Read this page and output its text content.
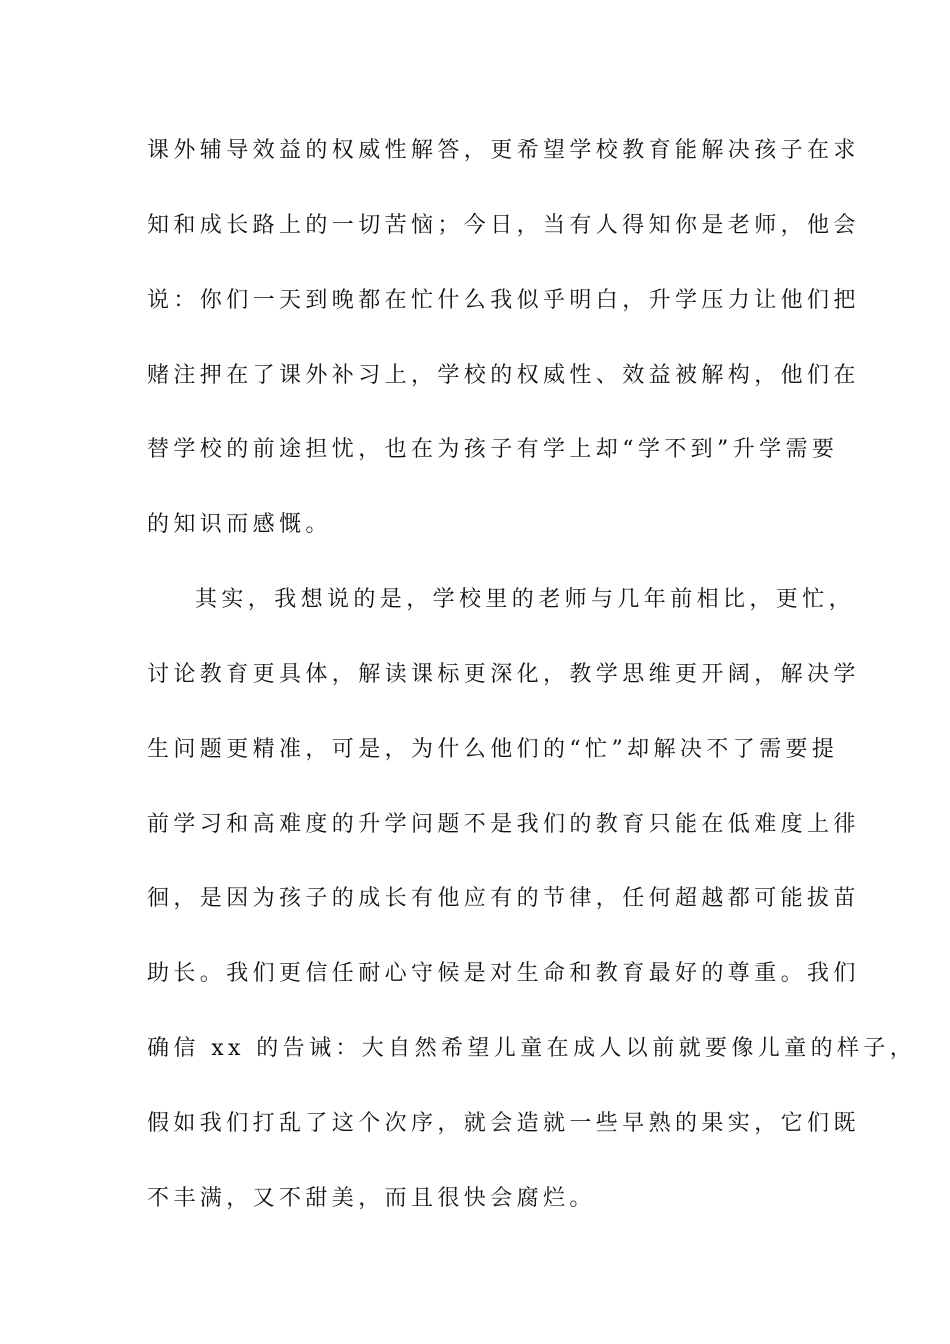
课外辅导效益的权威性解答，更希望学校教育能解决孩子在求
知和成长路上的一切苦恼；今日，当有人得知你是老师，他会
说：你们一天到晚都在忙什么我似乎明白，升学压力让他们把
赌注押在了课外补习上，学校的权威性、效益被解构，他们在
替学校的前途担忧，也在为孩子有学上却“学不到”升学需要
的知识而感慨。
其实，我想说的是，学校里的老师与几年前相比，更忙，
讨论教育更具体，解读课标更深化，教学思维更开阔，解决学
生问题更精准，可是，为什么他们的“忙”却解决不了需要提
前学习和高难度的升学问题不是我们的教育只能在低难度上徘
徊，是因为孩子的成长有他应有的节律，任何超越都可能拔苗
助长。我们更信任耐心守候是对生命和教育最好的尊重。我们
确信 xx 的告诫：大自然希望儿童在成人以前就要像儿童的样子，
假如我们打乱了这个次序，就会造就一些早熟的果实，它们既
不丰满，又不甜美，而且很快会腐烂。
